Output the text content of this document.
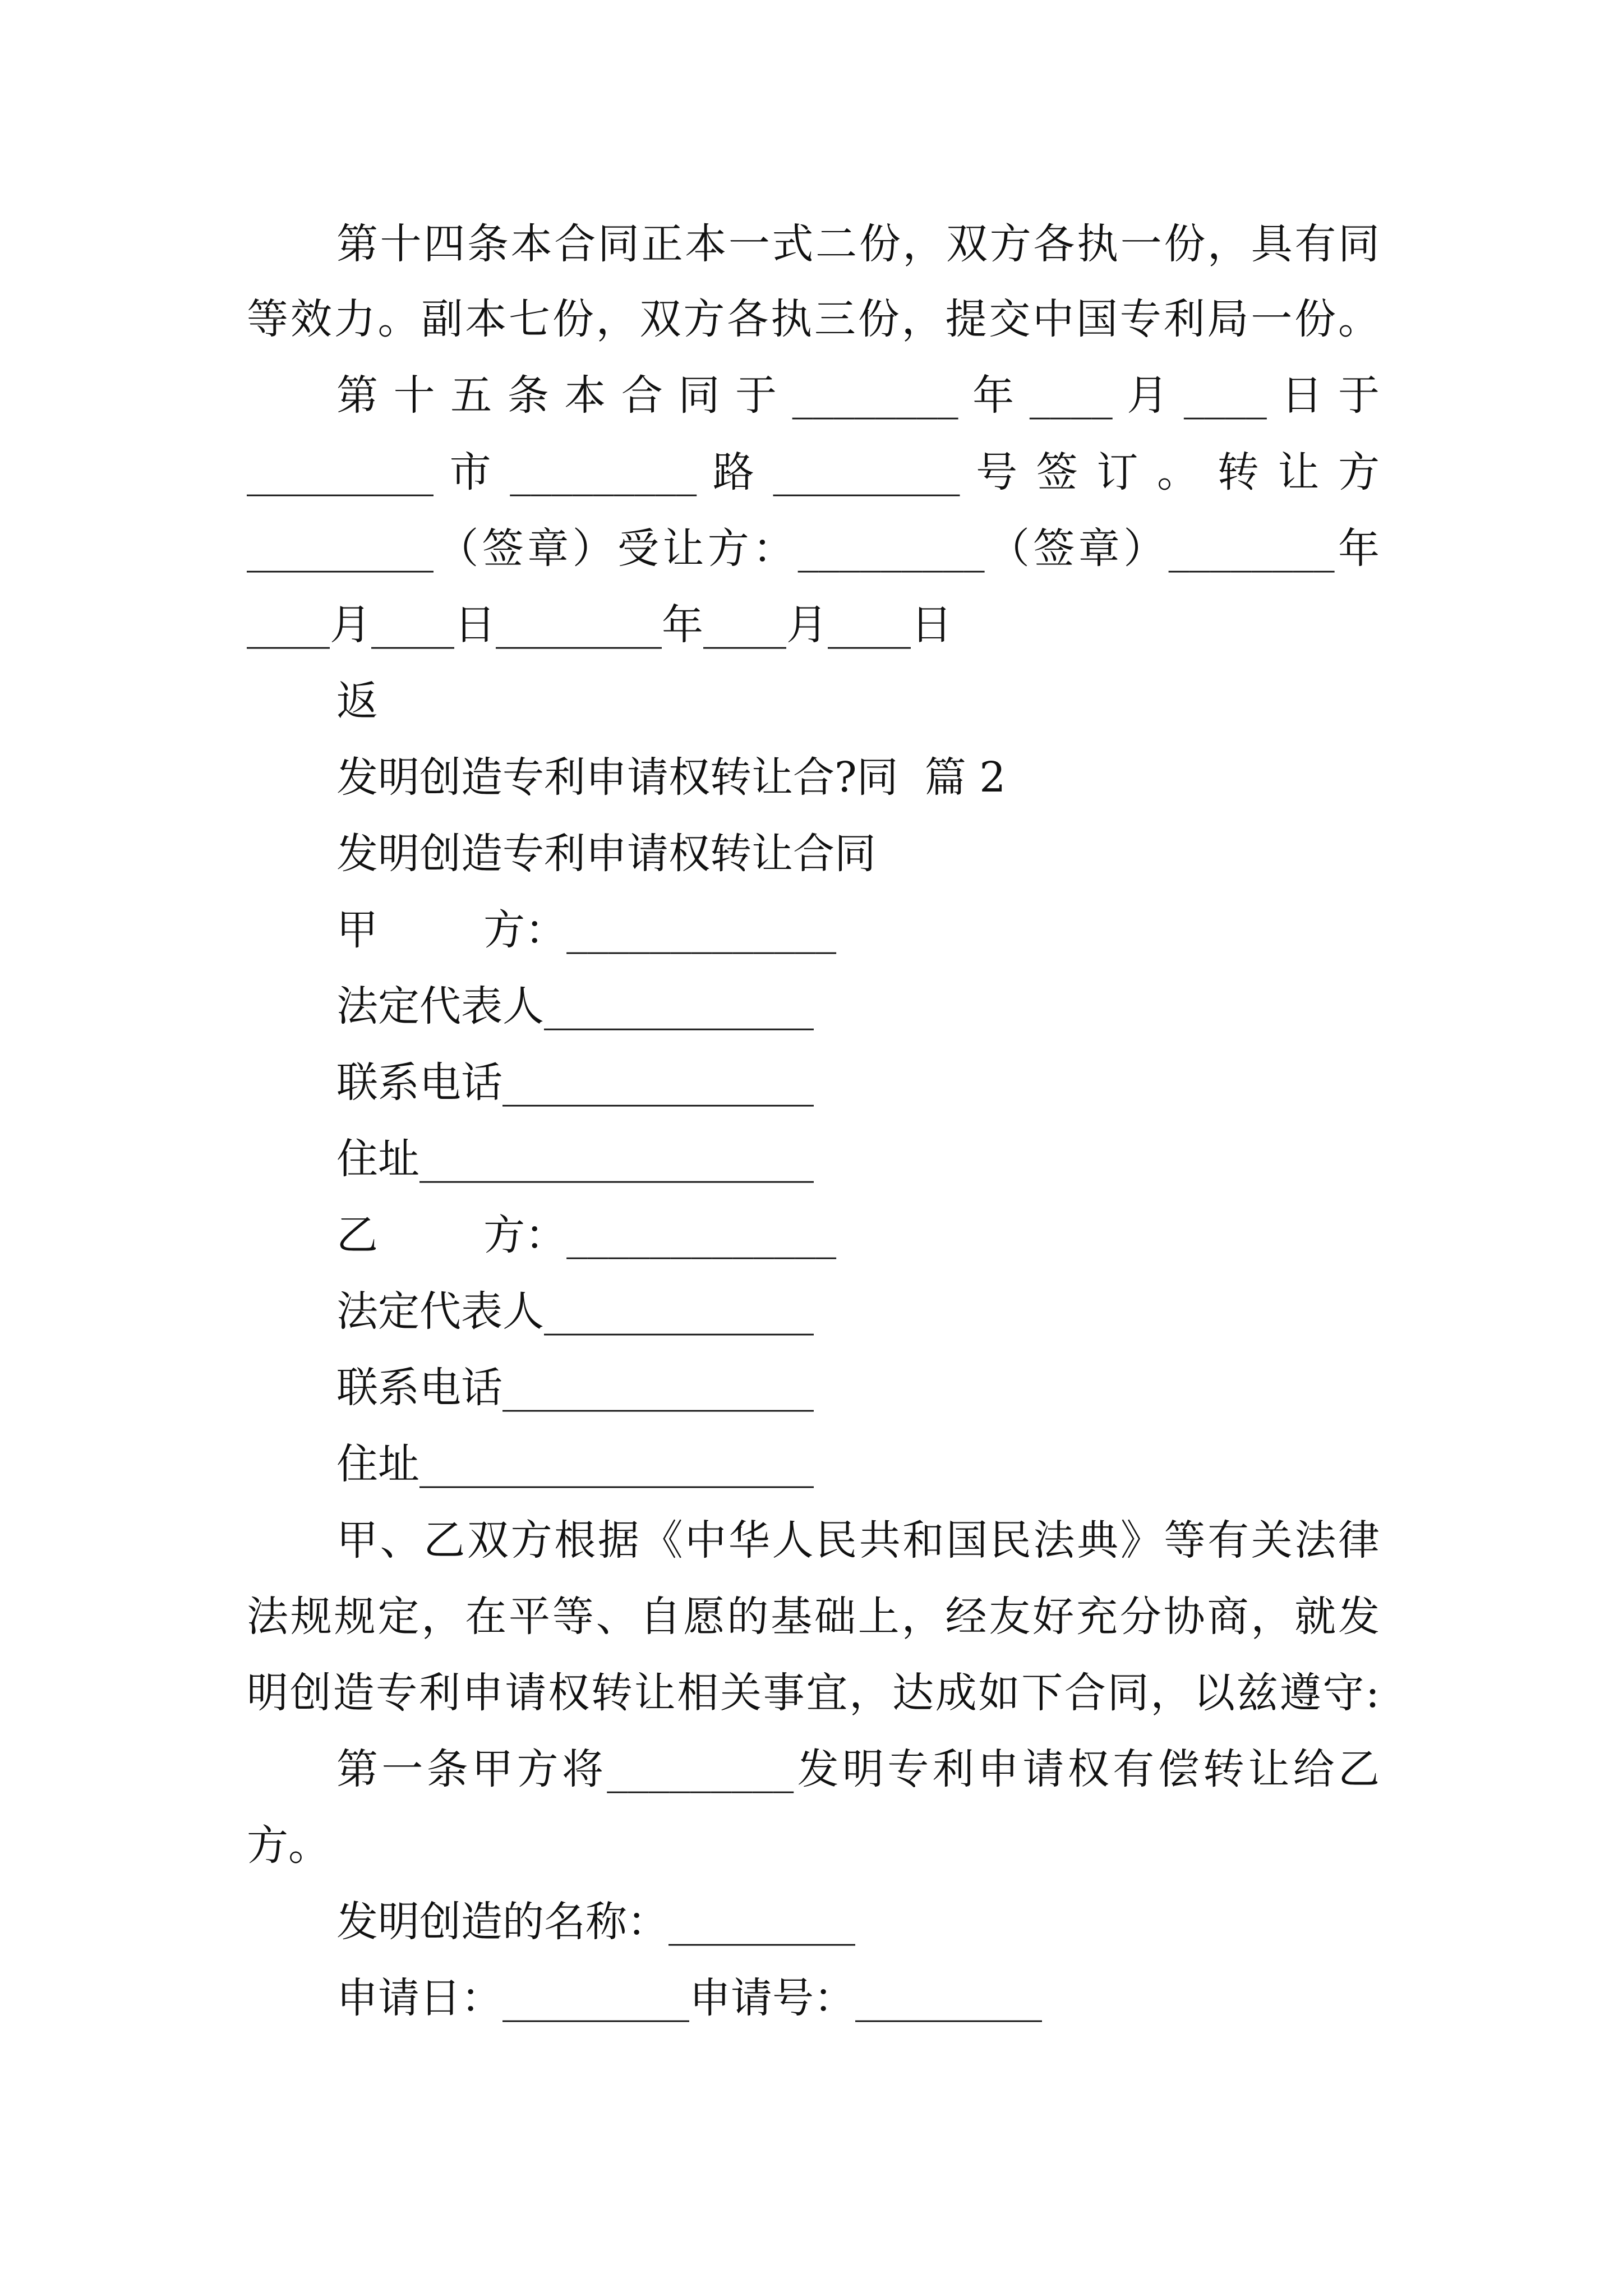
第十四条本合同正本一式二份，双方各执一份，具有同
等效力。副本七份，双方各执三份，提交中国专利局一份。
第 十 五 条 本 合 同 于 ________ 年 ____ 月 ____ 日 于
_________ 市 _________ 路 _________ 号 签 订 。 转 让 方
_________（签章）受让方：_________（签章）________年
____月____日________年____月____日
返
发明创造专利申请权转让合?同  篇 2
发明创造专利申请权转让合同
甲        方：_____________
法定代表人_____________
联系电话_______________
住址___________________
乙        方：_____________
法定代表人_____________
联系电话_______________
住址___________________
甲、乙双方根据《中华人民共和国民法典》等有关法律
法规规定，在平等、自愿的基础上，经友好充分协商，就发
明创造专利申请权转让相关事宜，达成如下合同，以兹遵守:
第一条甲方将_________发明专利申请权有偿转让给乙
方。
发明创造的名称：_________
申请日：_________申请号：_________
